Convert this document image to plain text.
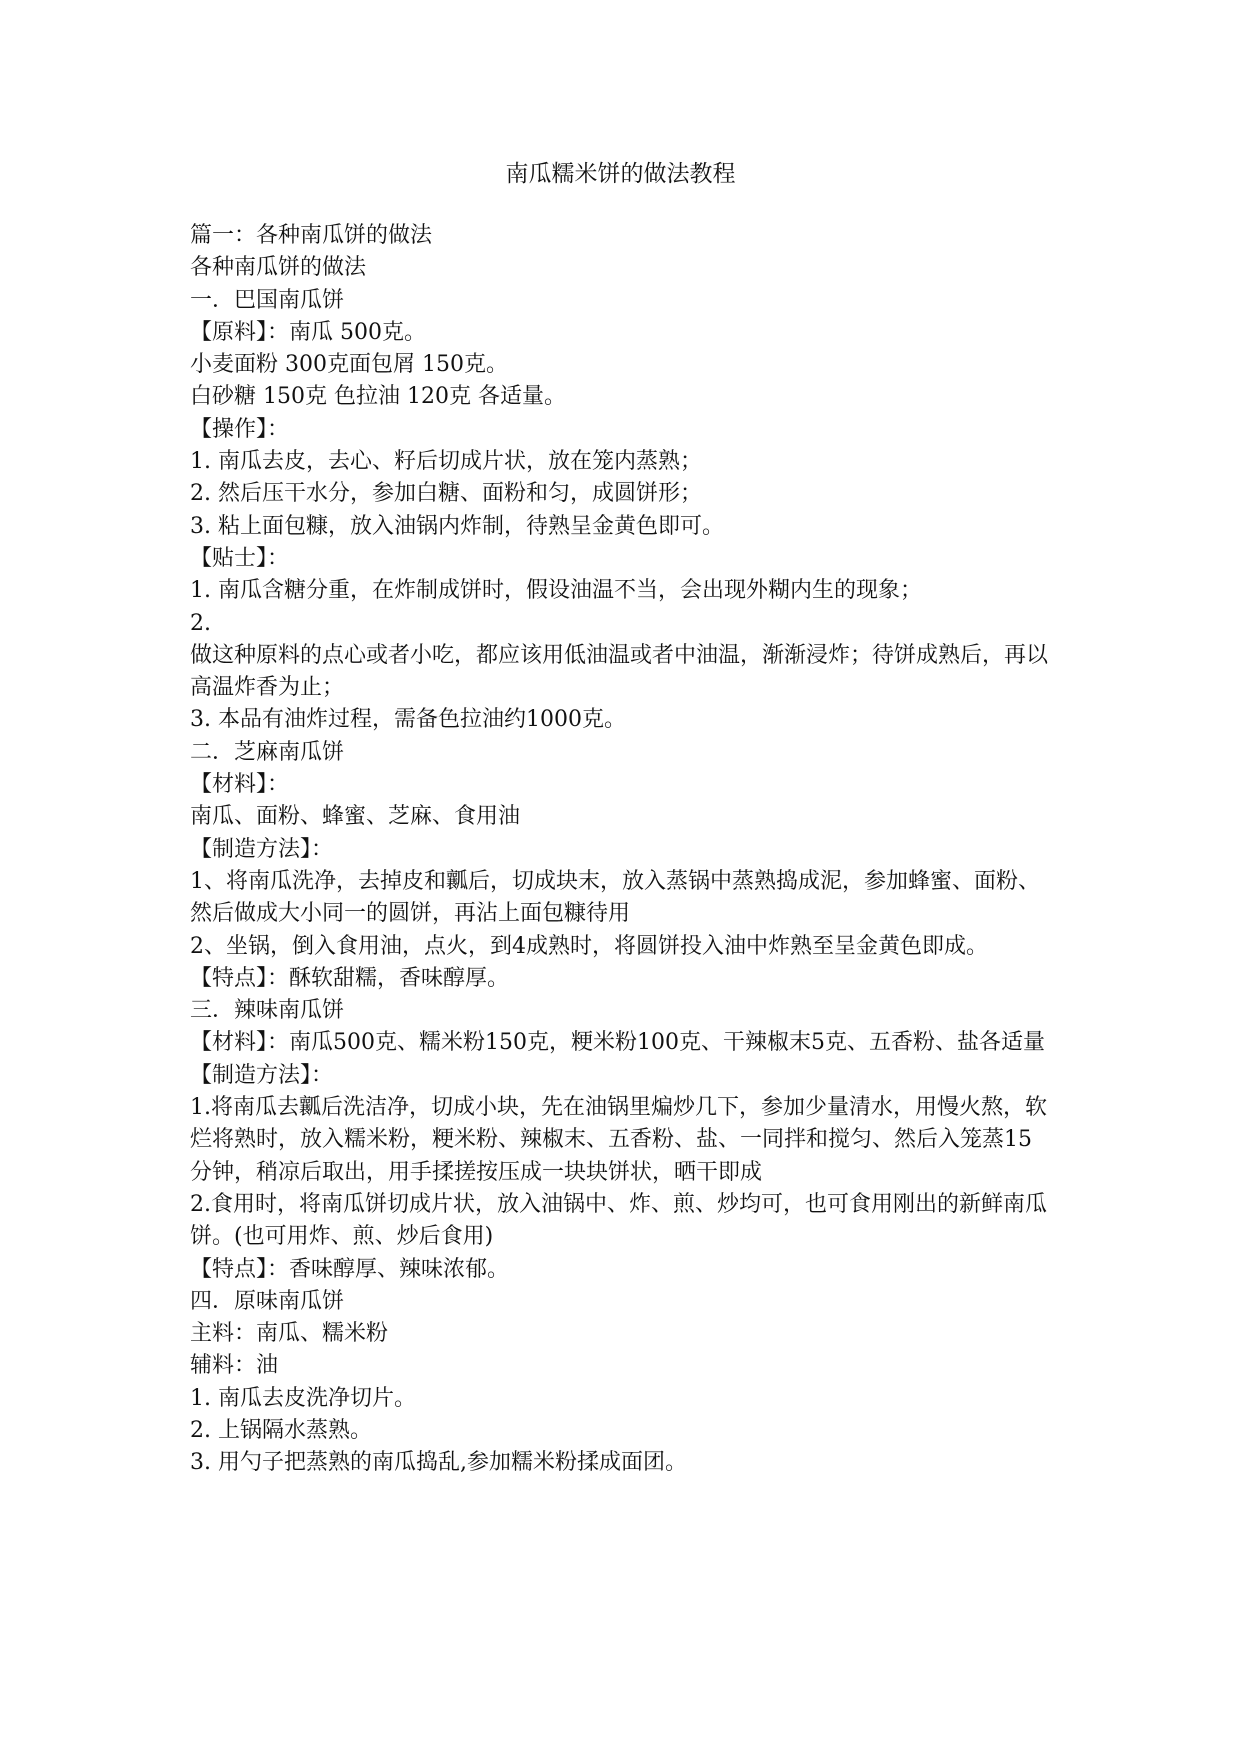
南瓜糯米饼的做法教程

篇一：各种南瓜饼的做法

各种南瓜饼的做法

一．巴国南瓜饼

【原料】：南瓜 500克。

小麦面粉 300克面包屑 150克。

白砂糖 150克 色拉油 120克 各适量。

【操作】：

1. 南瓜去皮，去心、籽后切成片状，放在笼内蒸熟；

2. 然后压干水分，参加白糖、面粉和匀，成圆饼形；

3. 粘上面包糠，放入油锅内炸制，待熟呈金黄色即可。

【贴士】：

1. 南瓜含糖分重，在炸制成饼时，假设油温不当，会出现外糊内生的现象；

2.

做这种原料的点心或者小吃，都应该用低油温或者中油温，渐渐浸炸；待饼成熟后，再以高温炸香为止；

3. 本品有油炸过程，需备色拉油约1000克。

二．芝麻南瓜饼

【材料】：

南瓜、面粉、蜂蜜、芝麻、食用油

【制造方法】：

1、将南瓜洗净，去掉皮和瓤后，切成块末，放入蒸锅中蒸熟捣成泥，参加蜂蜜、面粉、然后做成大小同一的圆饼，再沾上面包糠待用

2、坐锅，倒入食用油，点火，到4成熟时，将圆饼投入油中炸熟至呈金黄色即成。

【特点】：酥软甜糯，香味醇厚。

三．辣味南瓜饼

【材料】：南瓜500克、糯米粉150克，粳米粉100克、干辣椒末5克、五香粉、盐各适量

【制造方法】：

1.将南瓜去瓤后洗洁净，切成小块，先在油锅里煸炒几下，参加少量清水，用慢火熬，软烂将熟时，放入糯米粉，粳米粉、辣椒末、五香粉、盐、一同拌和搅匀、然后入笼蒸15分钟，稍凉后取出，用手揉搓按压成一块块饼状，晒干即成

2.食用时，将南瓜饼切成片状，放入油锅中、炸、煎、炒均可，也可食用刚出的新鲜南瓜饼。(也可用炸、煎、炒后食用)

【特点】：香味醇厚、辣味浓郁。

四．原味南瓜饼

主料：南瓜、糯米粉

辅料：油

1. 南瓜去皮洗净切片。

2. 上锅隔水蒸熟。

3. 用勺子把蒸熟的南瓜捣乱,参加糯米粉揉成面团。
